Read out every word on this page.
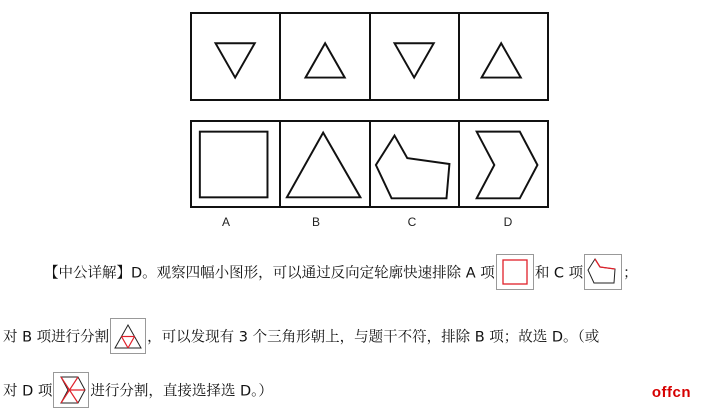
A	B	C	D
【中公详解】D。观察四幅小图形，可以通过反向定轮廓快速排除 A 项	和 C 项	；
对 B 项进行分割	，可以发现有 3 个三角形朝上，与题干不符，排除 B 项；故选 D。（或
对 D 项	进行分割，直接选择选 D。）	offcn
